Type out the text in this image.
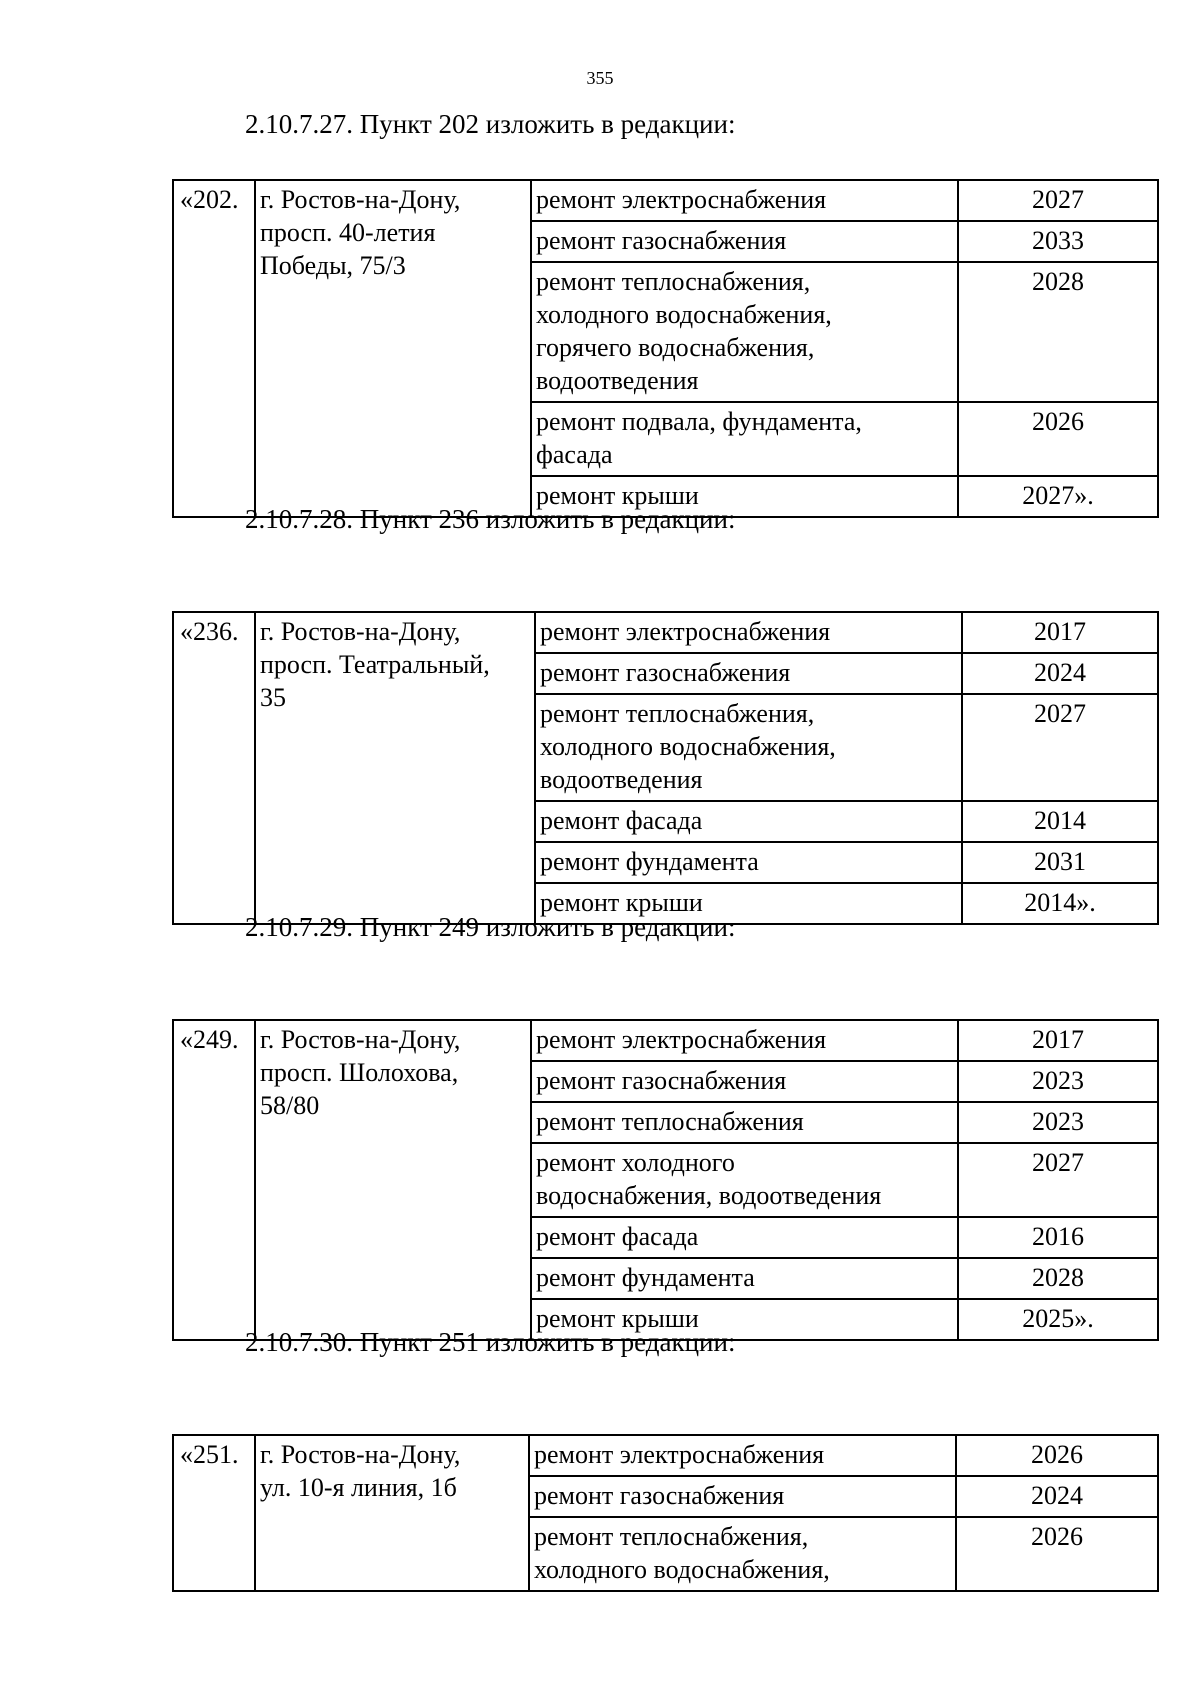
355
2.10.7.27. Пункт 202 изложить в редакции:
«202.	г. Ростов-на-Дону,
просп. 40-летия
Победы, 75/3	ремонт электроснабжения	2027

		ремонт газоснабжения	2033

		ремонт теплоснабжения,
холодного водоснабжения,
горячего водоснабжения,
водоотведения	2028

		ремонт подвала, фундамента,
фасада	2026

		ремонт крыши	2027».
2.10.7.28. Пункт 236 изложить в редакции:
«236.	г. Ростов-на-Дону,
просп. Театральный,
35	ремонт электроснабжения	2017

		ремонт газоснабжения	2024

		ремонт теплоснабжения,
холодного водоснабжения,
водоотведения	2027

		ремонт фасада	2014

		ремонт фундамента	2031

		ремонт крыши	2014».
2.10.7.29. Пункт 249 изложить в редакции:
«249.	г. Ростов-на-Дону,
просп. Шолохова,
58/80	ремонт электроснабжения	2017

		ремонт газоснабжения	2023

		ремонт теплоснабжения	2023

		ремонт холодного
водоснабжения, водоотведения	2027

		ремонт фасада	2016

		ремонт фундамента	2028

		ремонт крыши	2025».
2.10.7.30. Пункт 251 изложить в редакции:
«251.	г. Ростов-на-Дону,
ул. 10-я линия, 1б	ремонт электроснабжения	2026

		ремонт газоснабжения	2024

		ремонт теплоснабжения,
холодного водоснабжения,	2026
